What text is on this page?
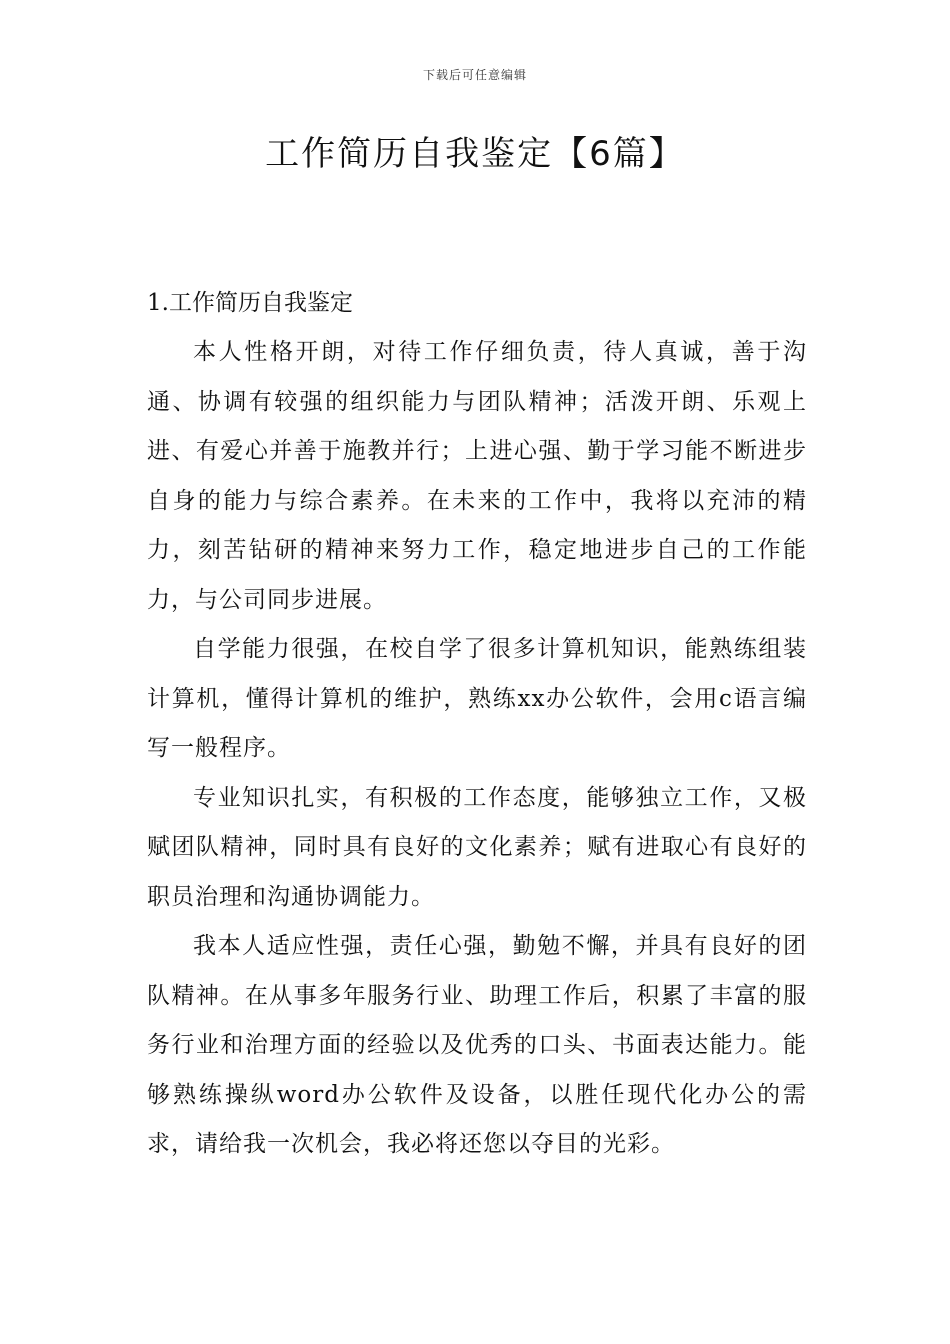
下载后可任意编辑
工作简历自我鉴定【6篇】
1.工作简历自我鉴定

本人性格开朗，对待工作仔细负责，待人真诚，善于沟通、协调有较强的组织能力与团队精神；活泼开朗、乐观上进、有爱心并善于施教并行；上进心强、勤于学习能不断进步自身的能力与综合素养。在未来的工作中，我将以充沛的精力，刻苦钻研的精神来努力工作，稳定地进步自己的工作能力，与公司同步进展。

自学能力很强，在校自学了很多计算机知识，能熟练组装计算机，懂得计算机的维护，熟练xx办公软件，会用c语言编写一般程序。

专业知识扎实，有积极的工作态度，能够独立工作，又极赋团队精神，同时具有良好的文化素养；赋有进取心有良好的职员治理和沟通协调能力。

我本人适应性强，责任心强，勤勉不懈，并具有良好的团队精神。在从事多年服务行业、助理工作后，积累了丰富的服务行业和治理方面的经验以及优秀的口头、书面表达能力。能够熟练操纵word办公软件及设备，以胜任现代化办公的需求，请给我一次机会，我必将还您以夺目的光彩。
